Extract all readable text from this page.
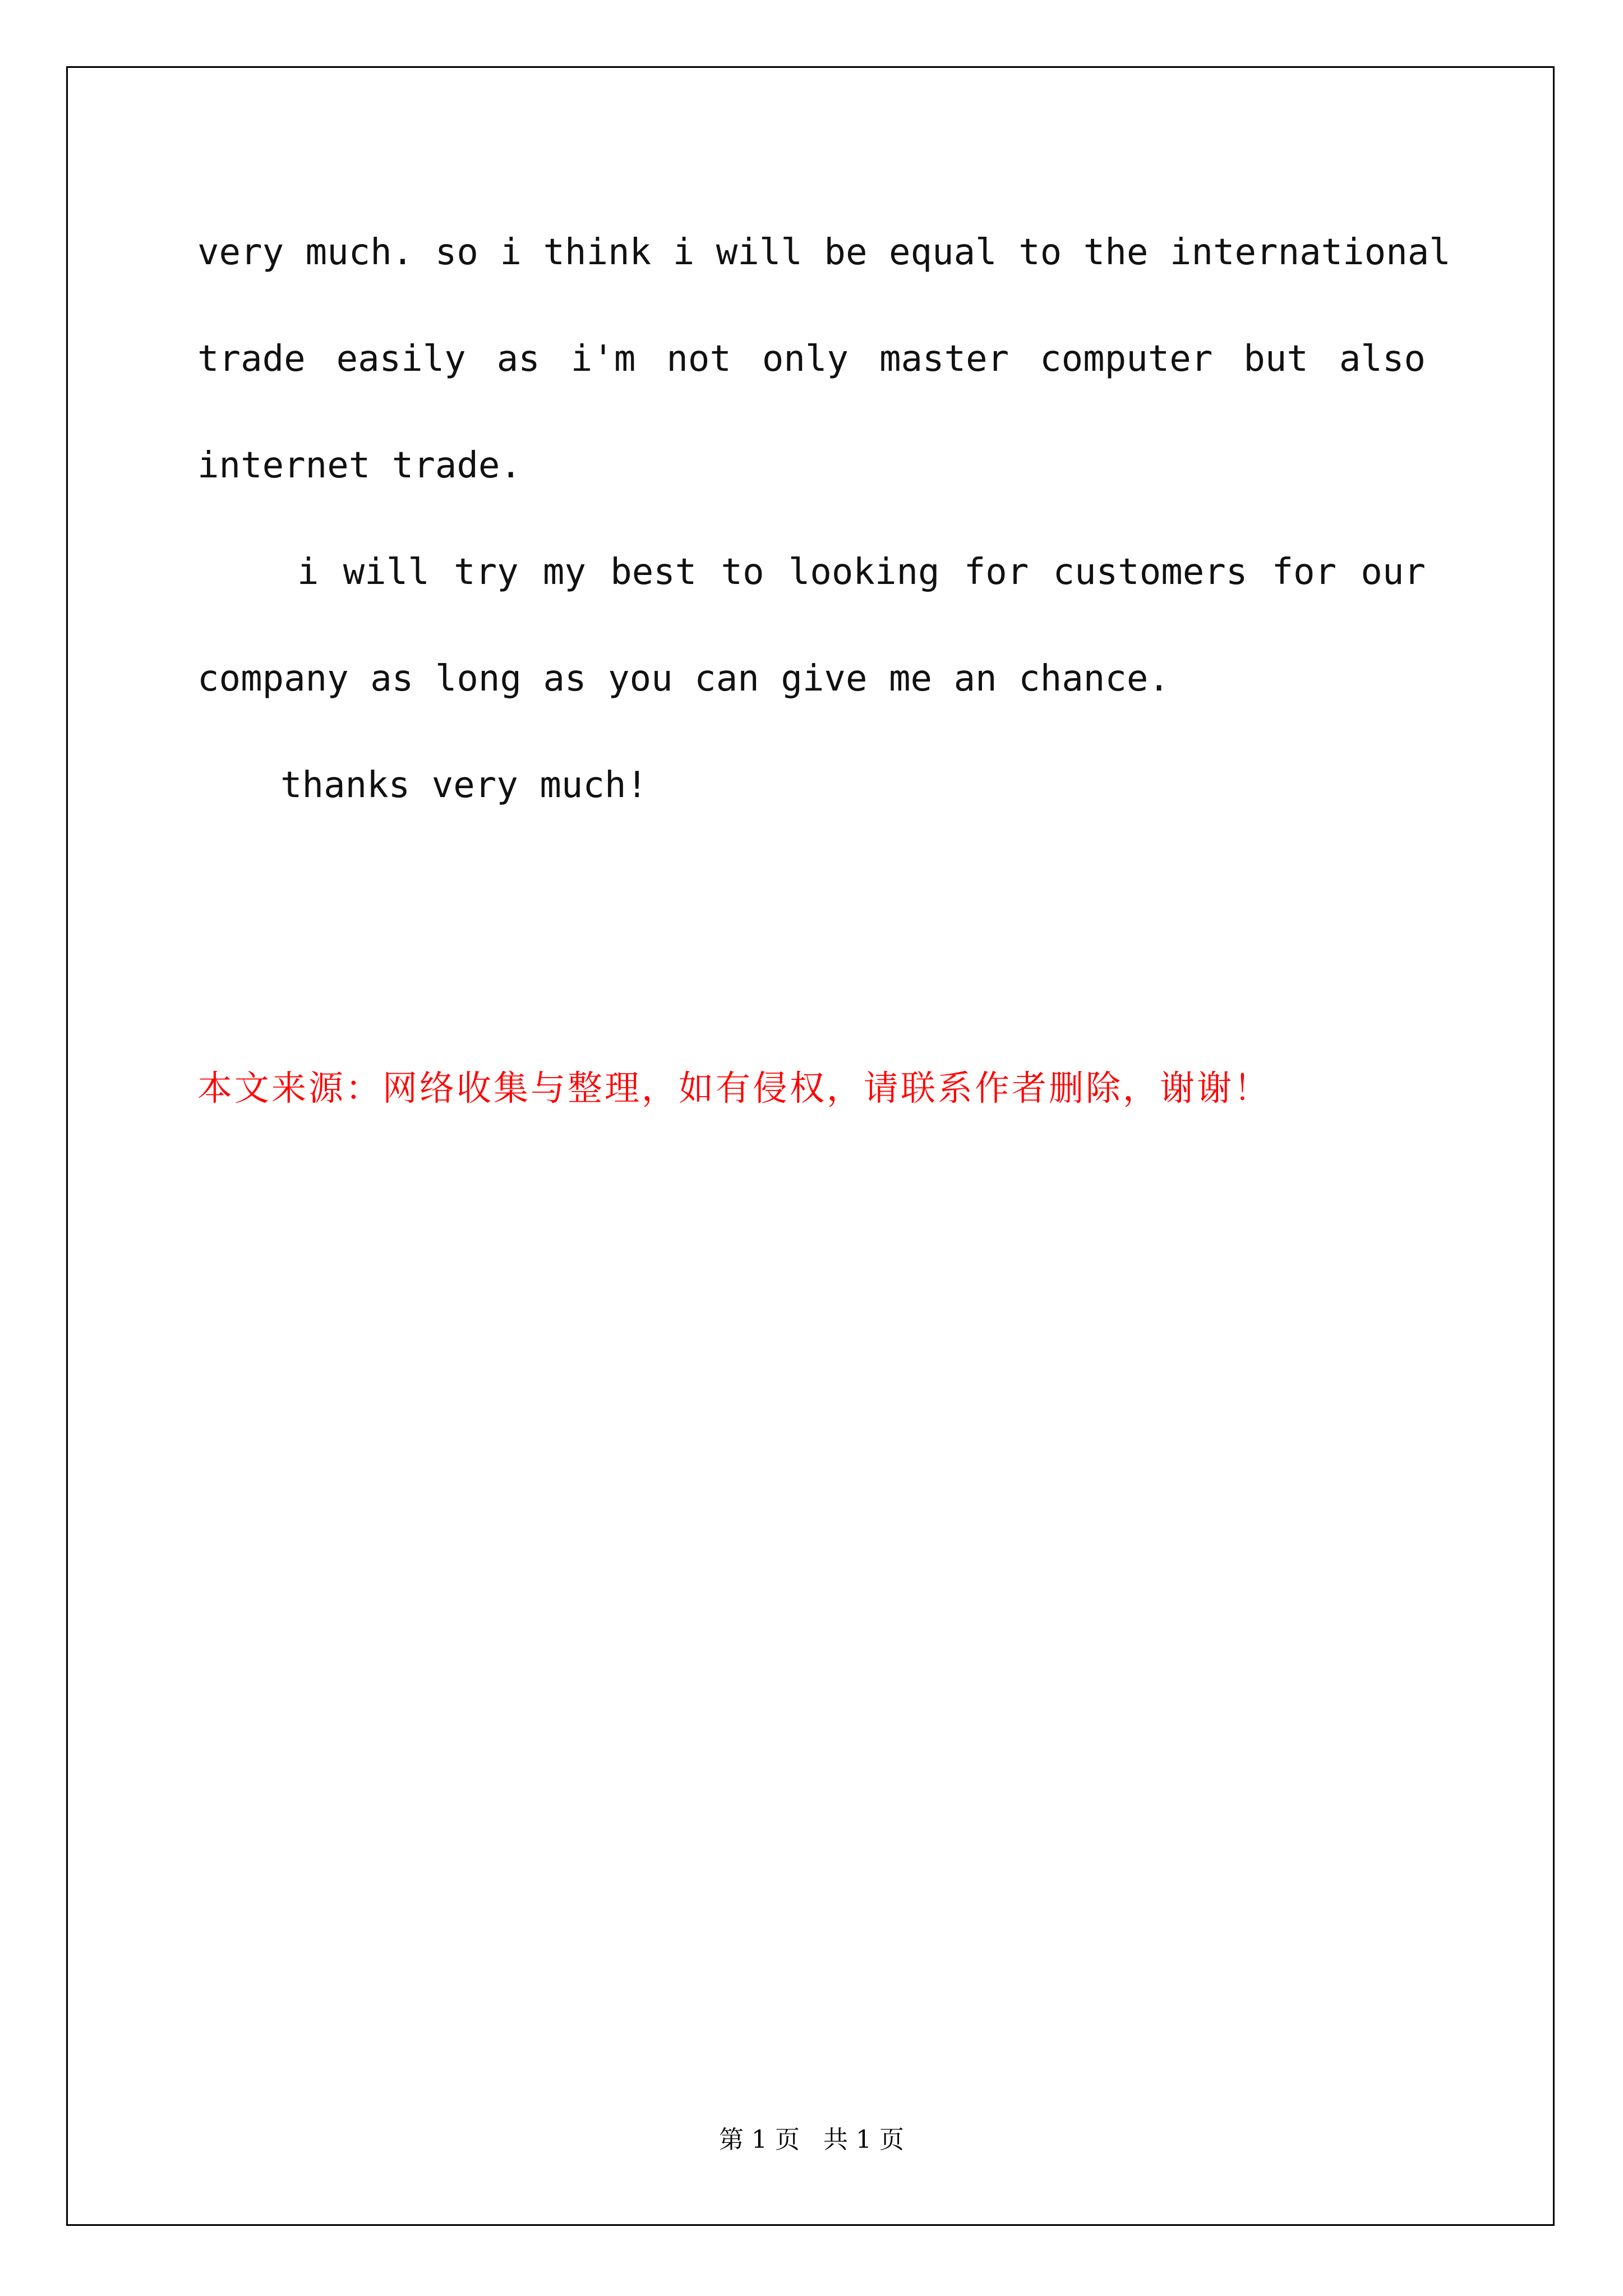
very much. so i think i will be equal to the international
trade easily as i'm not only master computer but also
internet trade.
i will try my best to looking for customers for our
company as long as you can give me an chance.
thanks very much!
本文来源：网络收集与整理，如有侵权，请联系作者删除，谢谢！
第 1 页   共 1 页
